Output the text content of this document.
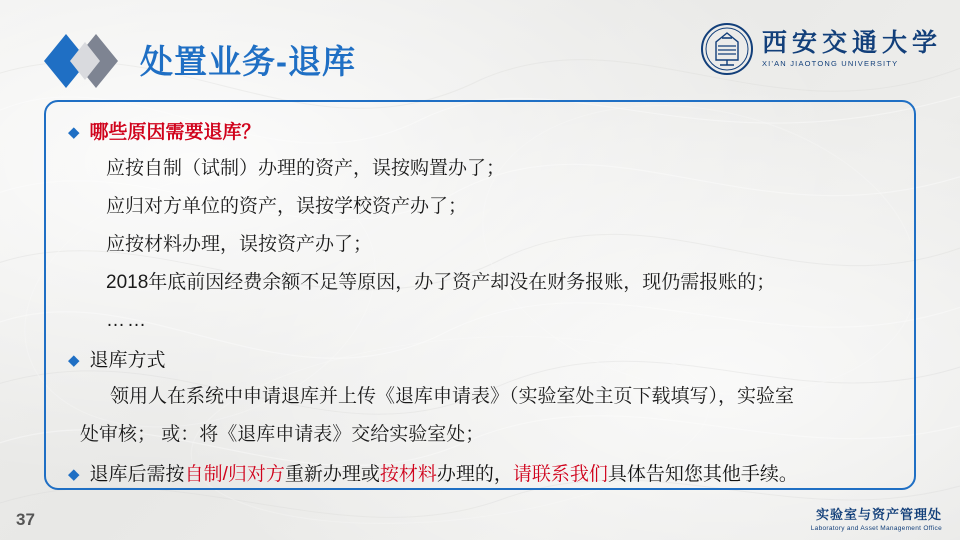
处置业务-退库	西安交通大学
XI'AN JIAOTONG UNIVERSITY
◆ 哪些原因需要退库？
应按自制（试制）办理的资产，误按购置办了；
应归对方单位的资产，误按学校资产办了；
应按材料办理，误按资产办了；
2018年底前因经费余额不足等原因，办了资产却没在财务报账，现仍需报账的；
……
◆ 退库方式
领用人在系统中申请退库并上传《退库申请表》（实验室处主页下载填写），实验室
处审核； 或：将《退库申请表》交给实验室处；
◆ 退库后需按自制/归对方重新办理或按材料办理的，请联系我们具体告知您其他手续。
37	实验室与资产管理处
Laboratory and Asset Management Office
